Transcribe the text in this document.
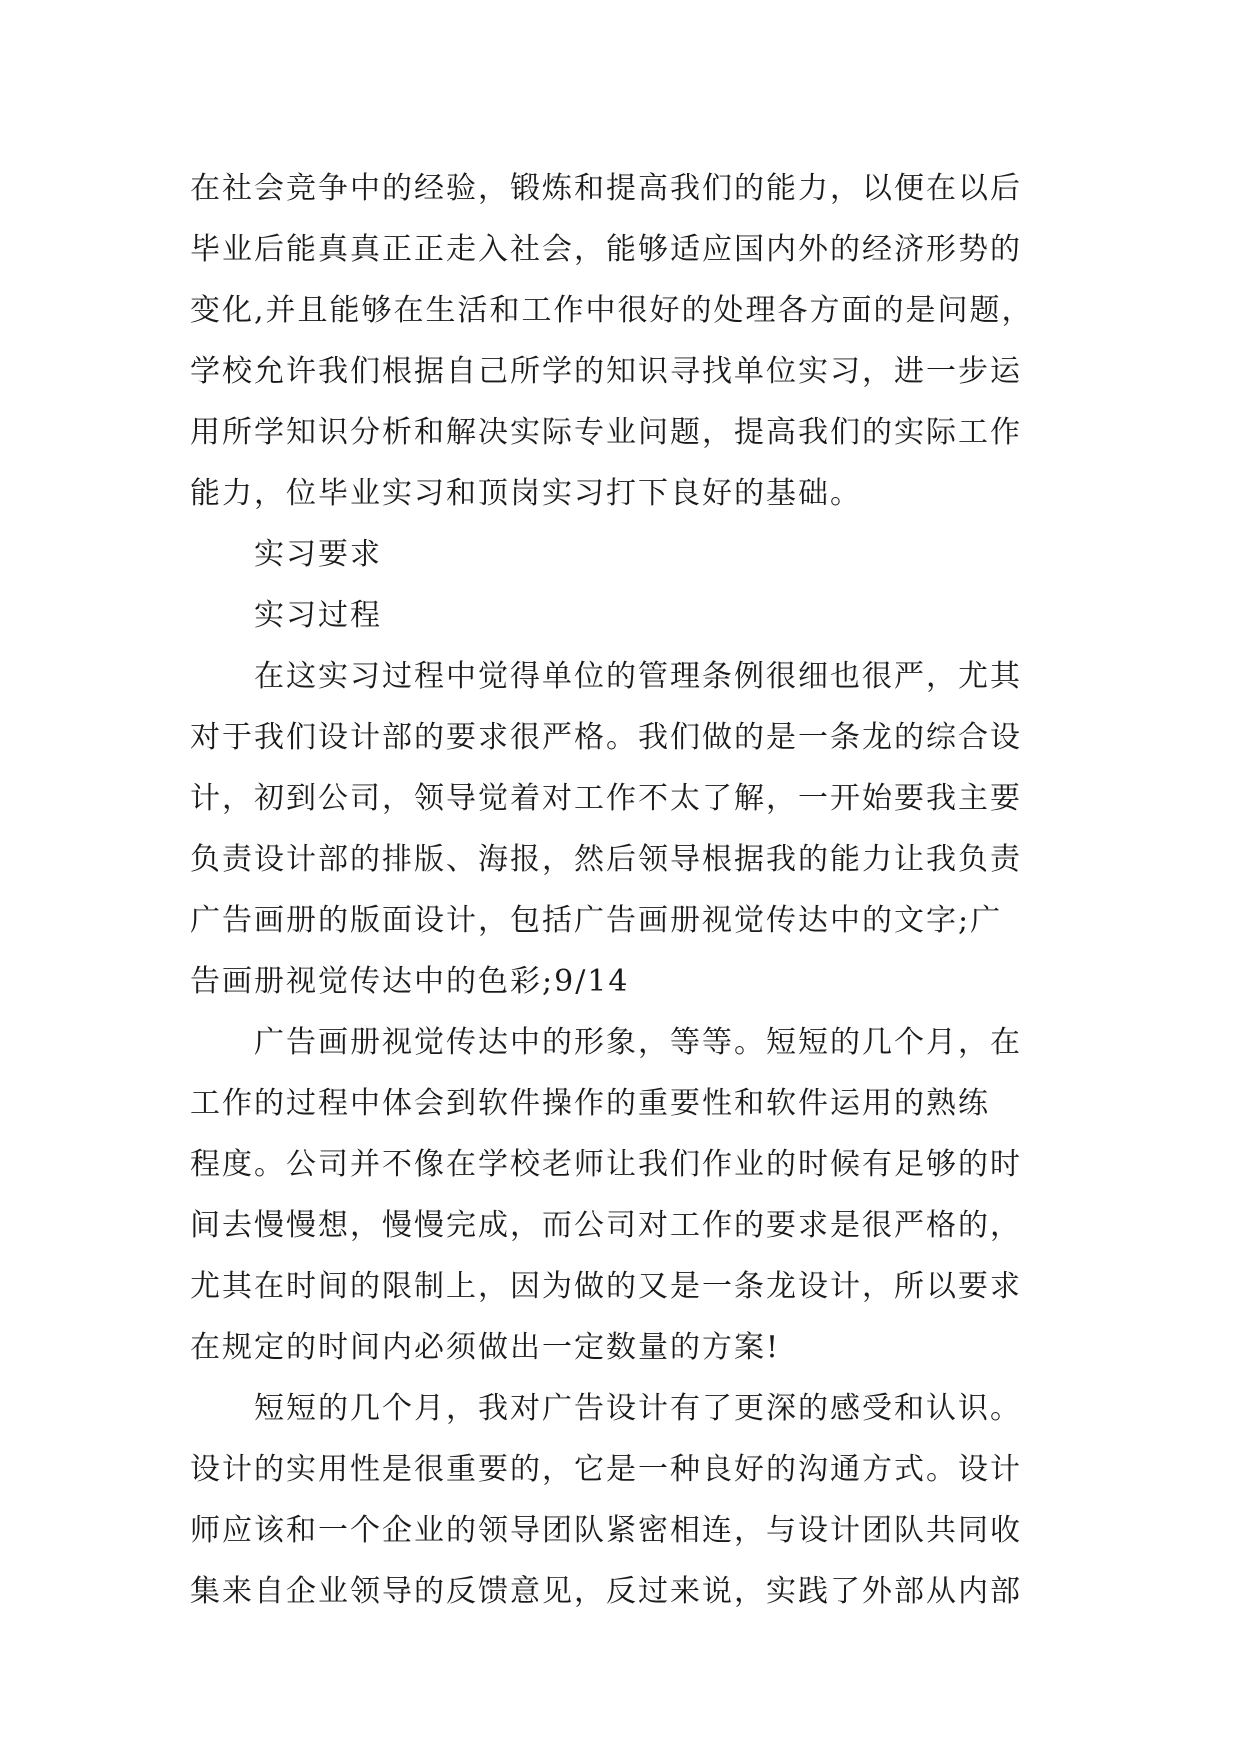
在社会竞争中的经验，锻炼和提高我们的能力，以便在以后
毕业后能真真正正走入社会，能够适应国内外的经济形势的
变化,并且能够在生活和工作中很好的处理各方面的是问题，
学校允许我们根据自己所学的知识寻找单位实习，进一步运
用所学知识分析和解决实际专业问题，提高我们的实际工作
能力，位毕业实习和顶岗实习打下良好的基础。
实习要求
实习过程
在这实习过程中觉得单位的管理条例很细也很严，尤其
对于我们设计部的要求很严格。我们做的是一条龙的综合设
计，初到公司，领导觉着对工作不太了解，一开始要我主要
负责设计部的排版、海报，然后领导根据我的能力让我负责
广告画册的版面设计，包括广告画册视觉传达中的文字;广
告画册视觉传达中的色彩;9/14
广告画册视觉传达中的形象，等等。短短的几个月，在
工作的过程中体会到软件操作的重要性和软件运用的熟练
程度。公司并不像在学校老师让我们作业的时候有足够的时
间去慢慢想，慢慢完成，而公司对工作的要求是很严格的，
尤其在时间的限制上，因为做的又是一条龙设计，所以要求
在规定的时间内必须做出一定数量的方案!
短短的几个月，我对广告设计有了更深的感受和认识。
设计的实用性是很重要的，它是一种良好的沟通方式。设计
师应该和一个企业的领导团队紧密相连，与设计团队共同收
集来自企业领导的反馈意见，反过来说，实践了外部从内部
